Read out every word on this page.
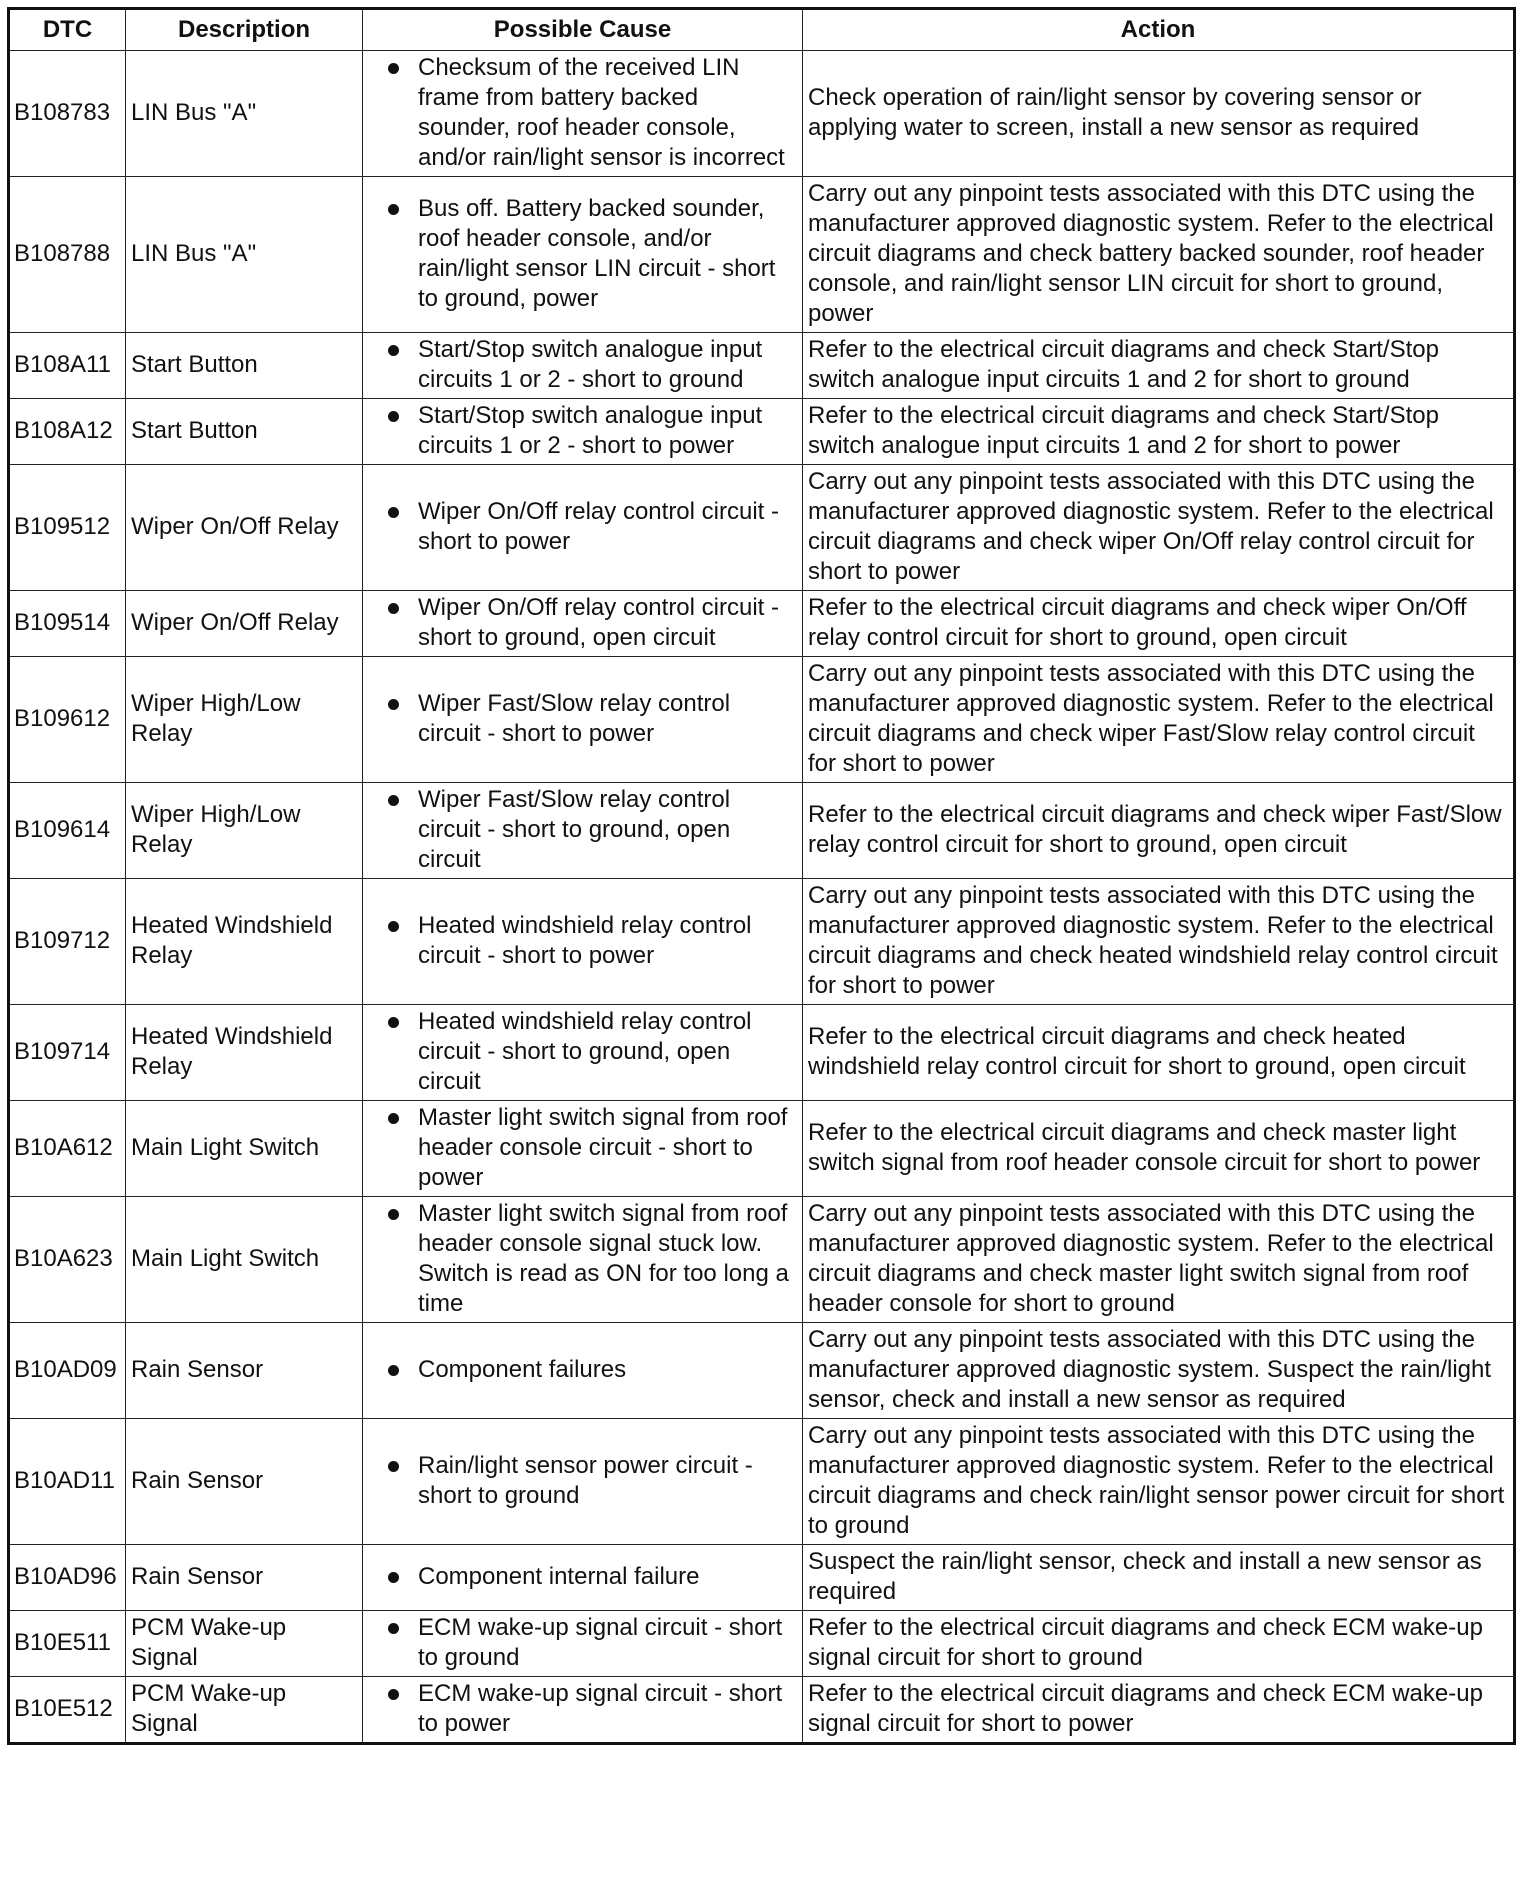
DTC	Description	Possible Cause	Action
B108783	LIN Bus "A"	Checksum of the received LIN frame from battery backed sounder, roof header console, and/or rain/light sensor is incorrect	Check operation of rain/light sensor by covering sensor or applying water to screen, install a new sensor as required
B108788	LIN Bus "A"	Bus off. Battery backed sounder, roof header console, and/or rain/light sensor LIN circuit - short to ground, power	Carry out any pinpoint tests associated with this DTC using the manufacturer approved diagnostic system. Refer to the electrical circuit diagrams and check battery backed sounder, roof header console, and rain/light sensor LIN circuit for short to ground, power
B108A11	Start Button	Start/Stop switch analogue input circuits 1 or 2 - short to ground	Refer to the electrical circuit diagrams and check Start/Stop switch analogue input circuits 1 and 2 for short to ground
B108A12	Start Button	Start/Stop switch analogue input circuits 1 or 2 - short to power	Refer to the electrical circuit diagrams and check Start/Stop switch analogue input circuits 1 and 2 for short to power
B109512	Wiper On/Off Relay	Wiper On/Off relay control circuit - short to power	Carry out any pinpoint tests associated with this DTC using the manufacturer approved diagnostic system. Refer to the electrical circuit diagrams and check wiper On/Off relay control circuit for short to power
B109514	Wiper On/Off Relay	Wiper On/Off relay control circuit - short to ground, open circuit	Refer to the electrical circuit diagrams and check wiper On/Off relay control circuit for short to ground, open circuit
B109612	Wiper High/Low Relay	Wiper Fast/Slow relay control circuit - short to power	Carry out any pinpoint tests associated with this DTC using the manufacturer approved diagnostic system. Refer to the electrical circuit diagrams and check wiper Fast/Slow relay control circuit for short to power
B109614	Wiper High/Low Relay	Wiper Fast/Slow relay control circuit - short to ground, open circuit	Refer to the electrical circuit diagrams and check wiper Fast/Slow relay control circuit for short to ground, open circuit
B109712	Heated Windshield Relay	Heated windshield relay control circuit - short to power	Carry out any pinpoint tests associated with this DTC using the manufacturer approved diagnostic system. Refer to the electrical circuit diagrams and check heated windshield relay control circuit for short to power
B109714	Heated Windshield Relay	Heated windshield relay control circuit - short to ground, open circuit	Refer to the electrical circuit diagrams and check heated windshield relay control circuit for short to ground, open circuit
B10A612	Main Light Switch	Master light switch signal from roof header console circuit - short to power	Refer to the electrical circuit diagrams and check master light switch signal from roof header console circuit for short to power
B10A623	Main Light Switch	Master light switch signal from roof header console signal stuck low. Switch is read as ON for too long a time	Carry out any pinpoint tests associated with this DTC using the manufacturer approved diagnostic system. Refer to the electrical circuit diagrams and check master light switch signal from roof header console for short to ground
B10AD09	Rain Sensor	Component failures	Carry out any pinpoint tests associated with this DTC using the manufacturer approved diagnostic system. Suspect the rain/light sensor, check and install a new sensor as required
B10AD11	Rain Sensor	Rain/light sensor power circuit - short to ground	Carry out any pinpoint tests associated with this DTC using the manufacturer approved diagnostic system. Refer to the electrical circuit diagrams and check rain/light sensor power circuit for short to ground
B10AD96	Rain Sensor	Component internal failure	Suspect the rain/light sensor, check and install a new sensor as required
B10E511	PCM Wake-up Signal	ECM wake-up signal circuit - short to ground	Refer to the electrical circuit diagrams and check ECM wake-up signal circuit for short to ground
B10E512	PCM Wake-up Signal	ECM wake-up signal circuit - short to power	Refer to the electrical circuit diagrams and check ECM wake-up signal circuit for short to power
